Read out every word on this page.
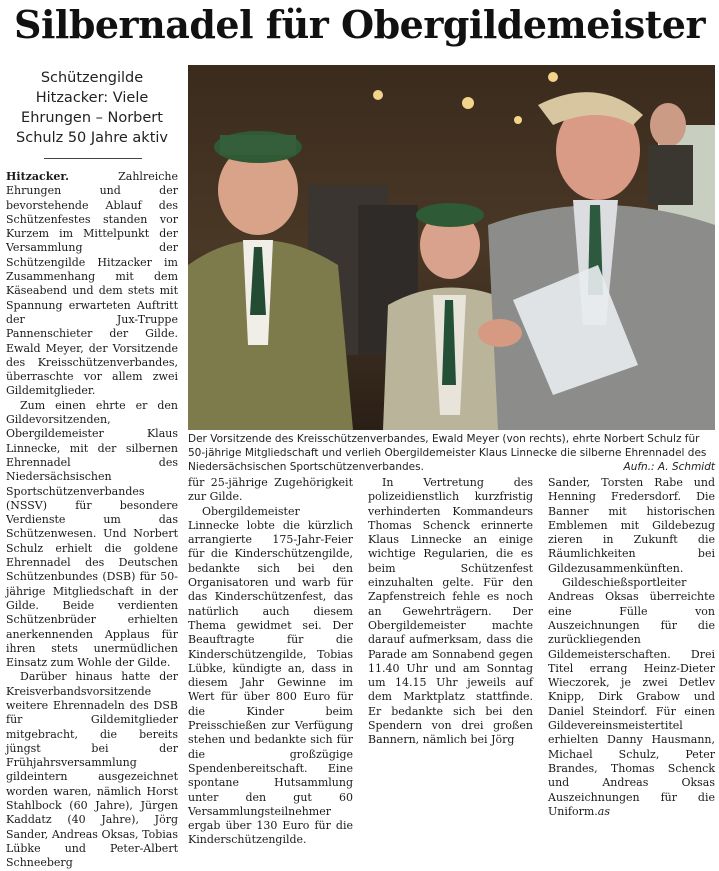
Silbernadel für Obergildemeister
Schützengilde Hitzacker: Viele Ehrungen – Norbert Schulz 50 Jahre aktiv
Der Vorsitzende des Kreisschützenverbandes, Ewald Meyer (von rechts), ehrte Norbert Schulz für 50-jährige Mitgliedschaft und verlieh Obergildemeister Klaus Linnecke die silberne Ehrennadel des Niedersächsischen Sportschützenverbandes.	Aufn.: A. Schmidt

Hitzacker.	Zahlreiche Ehrungen und der bevorstehende Ablauf des Schützenfestes standen vor Kurzem im Mittelpunkt der Versammlung der Schützengilde Hitzacker im Zusammenhang mit dem Käseabend und dem stets mit Spannung erwarteten Auftritt der Jux-Truppe Pannenschieter der Gilde. Ewald Meyer, der Vorsitzende des Kreisschützenverbandes, überraschte vor allem zwei Gildemitglieder.

Zum einen ehrte er den Gildevorsitzenden, Obergildemeister Klaus Linnecke, mit der silbernen Ehrennadel des Niedersächsischen Sportschützenverbandes (NSSV) für besondere Verdienste um das Schützenwesen. Und Norbert Schulz erhielt die goldene Ehrennadel des Deutschen Schützenbundes (DSB) für 50-jährige Mitgliedschaft in der Gilde. Beide verdienten Schützenbrüder erhielten anerkennenden Applaus für ihren stets unermüdlichen Einsatz zum Wohle der Gilde.

Darüber hinaus hatte der Kreisverbandsvorsitzende weitere Ehrennadeln des DSB für Gildemitglieder mitgebracht, die bereits jüngst bei der Frühjahrsversammlung gildeintern ausgezeichnet worden waren, nämlich Horst Stahlbock (60 Jahre), Jürgen Kaddatz (40 Jahre), Jörg Sander, Andreas Oksas, Tobias Lübke und Peter-Albert Schneeberg

für 25-jährige Zugehörigkeit zur Gilde.

Obergildemeister Linnecke lobte die kürzlich arrangierte 175-Jahr-Feier für die Kinderschützengilde, bedankte sich bei den Organisatoren und warb für das Kinderschützenfest, das natürlich auch diesem Thema gewidmet sei. Der Beauftragte für die Kinderschützengilde, Tobias Lübke, kündigte an, dass in diesem Jahr Gewinne im Wert für über 800 Euro für die Kinder beim Preisschießen zur Verfügung stehen und bedankte sich für die großzügige Spendenbereitschaft. Eine spontane Hutsammlung unter den gut 60 Versammlungsteilnehmer ergab über 130 Euro für die Kinderschützengilde.

In Vertretung des polizeidienstlich kurzfristig verhinderten Kommandeurs Thomas Schenck erinnerte Klaus Linnecke an einige wichtige Regularien, die es beim Schützenfest einzuhalten gelte. Für den Zapfenstreich fehle es noch an Gewehrträgern. Der Obergildemeister machte darauf aufmerksam, dass die Parade am Sonnabend gegen 11.40 Uhr und am Sonntag um 14.15 Uhr jeweils auf dem Marktplatz stattfinde. Er bedankte sich bei den Spendern von drei großen Bannern, nämlich bei Jörg

Sander, Torsten Rabe und Henning Fredersdorf. Die Banner mit historischen Emblemen mit Gildebezug zieren in Zukunft die Räumlichkeiten bei Gildezusammenkünften.

Gildeschießsportleiter Andreas Oksas überreichte eine Fülle von Auszeichnungen für die zurückliegenden Gildemeisterschaften. Drei Titel errang Heinz-Dieter Wieczorek, je zwei Detlev Knipp, Dirk Grabow und Daniel Steindorf. Für einen Gildevereinsmeistertitel erhielten Danny Hausmann, Michael Schulz, Peter Brandes, Thomas Schenck und Andreas Oksas Auszeichnungen für die Uniform.as
